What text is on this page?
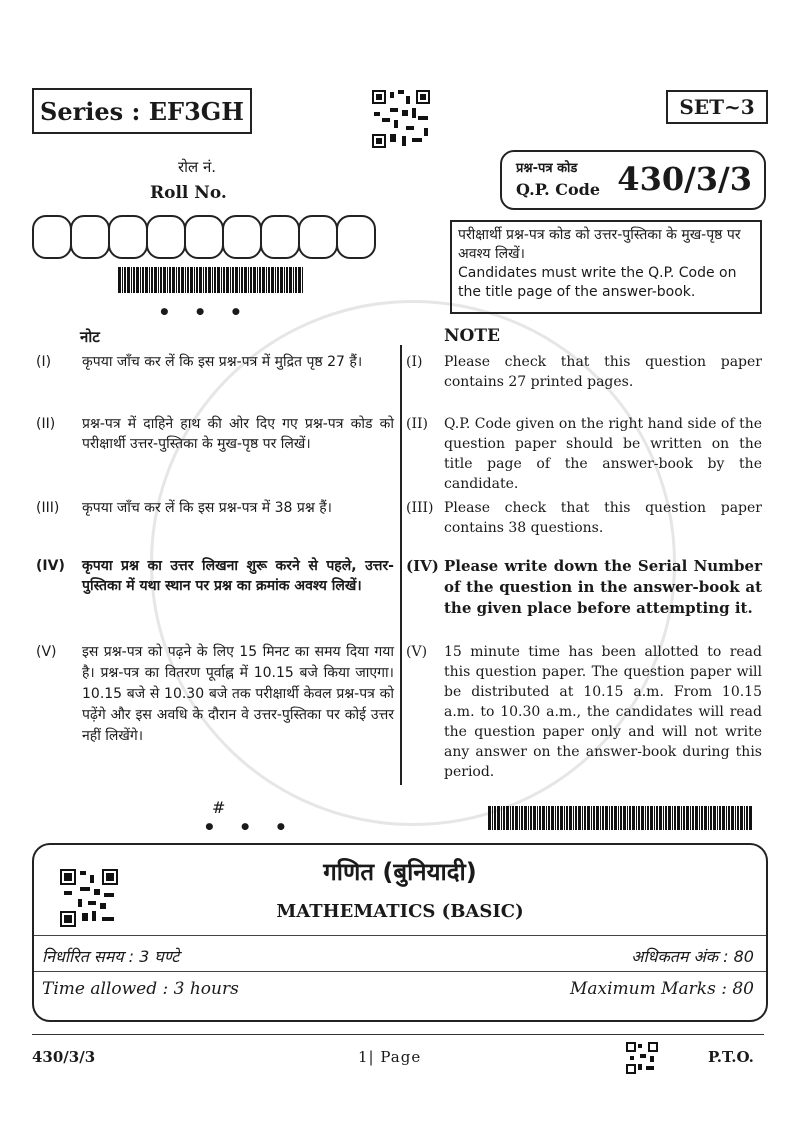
Series : EF3GH	SET~3
रोल नं.
Roll No.
• • •
प्रश्न-पत्र कोड
Q.P. Code 430/3/3
परीक्षार्थी प्रश्न-पत्र कोड को उत्तर-पुस्तिका के मुख-पृष्ठ पर अवश्य लिखें।
Candidates must write the Q.P. Code on the title page of the answer-book.
नोट	NOTE
(I) कृपया जाँच कर लें कि इस प्रश्न-पत्र में मुद्रित पृष्ठ 27 हैं।
(II) प्रश्न-पत्र में दाहिने हाथ की ओर दिए गए प्रश्न-पत्र कोड को परीक्षार्थी उत्तर-पुस्तिका के मुख-पृष्ठ पर लिखें।
(III) कृपया जाँच कर लें कि इस प्रश्न-पत्र में 38 प्रश्न हैं।
(IV) कृपया प्रश्न का उत्तर लिखना शुरू करने से पहले, उत्तर-पुस्तिका में यथा स्थान पर प्रश्न का क्रमांक अवश्य लिखें।
(V) इस प्रश्न-पत्र को पढ़ने के लिए 15 मिनट का समय दिया गया है। प्रश्न-पत्र का वितरण पूर्वाह्न में 10.15 बजे किया जाएगा। 10.15 बजे से 10.30 बजे तक परीक्षार्थी केवल प्रश्न-पत्र को पढ़ेंगे और इस अवधि के दौरान वे उत्तर-पुस्तिका पर कोई उत्तर नहीं लिखेंगे।
(I) Please check that this question paper contains 27 printed pages.
(II) Q.P. Code given on the right hand side of the question paper should be written on the title page of the answer-book by the candidate.
(III) Please check that this question paper contains 38 questions.
(IV) Please write down the Serial Number of the question in the answer-book at the given place before attempting it.
(V) 15 minute time has been allotted to read this question paper. The question paper will be distributed at 10.15 a.m. From 10.15 a.m. to 10.30 a.m., the candidates will read the question paper only and will not write any answer on the answer-book during this period.
#
• • •
गणित (बुनियादी)
MATHEMATICS (BASIC)
निर्धारित समय : 3 घण्टे	अधिकतम अंक : 80
Time allowed : 3 hours	Maximum Marks : 80
430/3/3	1| Page	P.T.O.
